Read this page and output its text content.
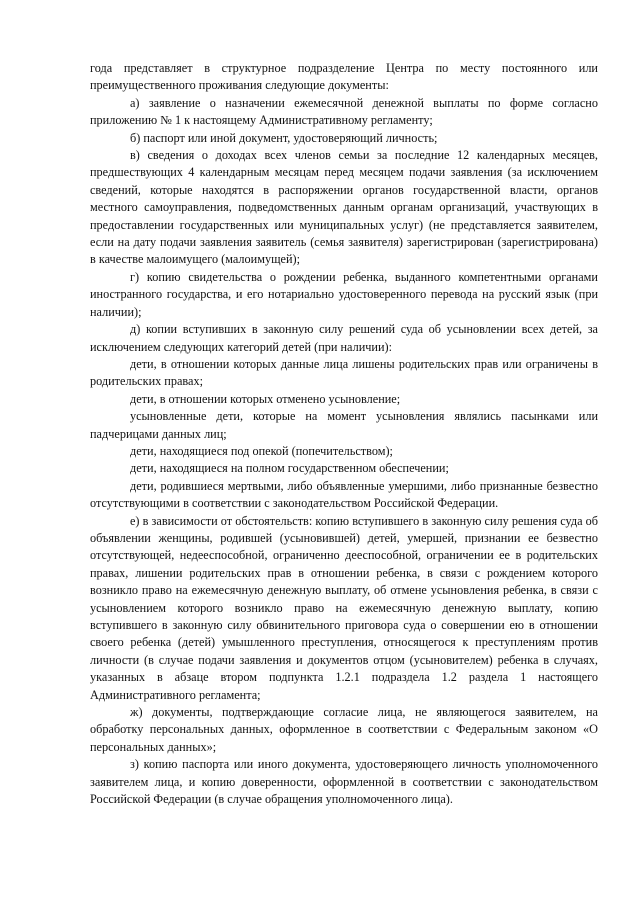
года представляет в структурное подразделение Центра по месту постоянного или преимущественного проживания следующие документы:

а) заявление о назначении ежемесячной денежной выплаты по форме согласно приложению № 1 к настоящему Административному регламенту;

б) паспорт или иной документ, удостоверяющий личность;

в) сведения о доходах всех членов семьи за последние 12 календарных месяцев, предшествующих 4 календарным месяцам перед месяцем подачи заявления (за исключением сведений, которые находятся в распоряжении органов государственной власти, органов местного самоуправления, подведомственных данным органам организаций, участвующих в предоставлении государственных или муниципальных услуг) (не представляется заявителем, если на дату подачи заявления заявитель (семья заявителя) зарегистрирован (зарегистрирована) в качестве малоимущего (малоимущей);

г) копию свидетельства о рождении ребенка, выданного компетентными органами иностранного государства, и его нотариально удостоверенного перевода на русский язык (при наличии);

д) копии вступивших в законную силу решений суда об усыновлении всех детей, за исключением следующих категорий детей (при наличии):

дети, в отношении которых данные лица лишены родительских прав или ограничены в родительских правах;

дети, в отношении которых отменено усыновление;

усыновленные дети, которые на момент усыновления являлись пасынками или падчерицами данных лиц;

дети, находящиеся под опекой (попечительством);

дети, находящиеся на полном государственном обеспечении;

дети, родившиеся мертвыми, либо объявленные умершими, либо признанные безвестно отсутствующими в соответствии с законодательством Российской Федерации.

е) в зависимости от обстоятельств: копию вступившего в законную силу решения суда об объявлении женщины, родившей (усыновившей) детей, умершей, признании ее безвестно отсутствующей, недееспособной, ограниченно дееспособной, ограничении ее в родительских правах, лишении родительских прав в отношении ребенка, в связи с рождением которого возникло право на ежемесячную денежную выплату, об отмене усыновления ребенка, в связи с усыновлением которого возникло право на ежемесячную денежную выплату, копию вступившего в законную силу обвинительного приговора суда о совершении ею в отношении своего ребенка (детей) умышленного преступления, относящегося к преступлениям против личности (в случае подачи заявления и документов отцом (усыновителем) ребенка в случаях, указанных в абзаце втором подпункта 1.2.1 подраздела 1.2 раздела 1 настоящего Административного регламента;

ж) документы, подтверждающие согласие лица, не являющегося заявителем, на обработку персональных данных, оформленное в соответствии с Федеральным законом «О персональных данных»;

з) копию паспорта или иного документа, удостоверяющего личность уполномоченного заявителем лица, и копию доверенности, оформленной в соответствии с законодательством Российской Федерации (в случае обращения уполномоченного лица).
